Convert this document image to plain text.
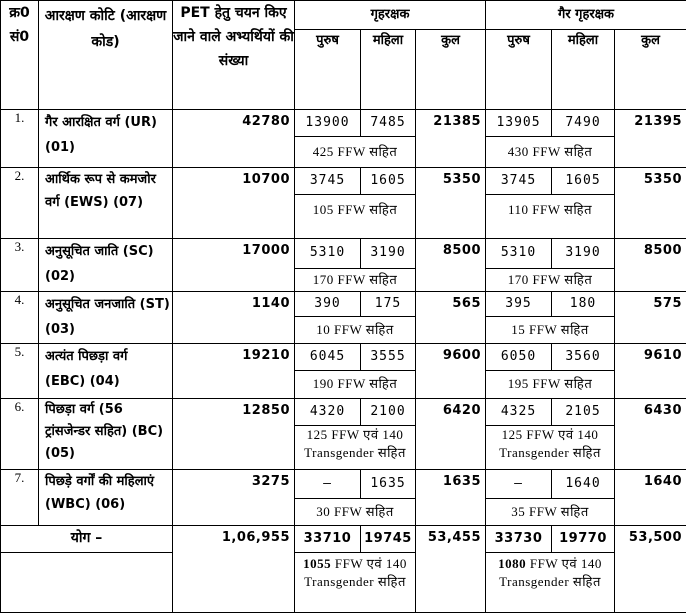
क्र0 सं0	आरक्षण कोटि (आरक्षण कोड)	PET हेतु चयन किए जाने वाले अभ्यर्थियों की संख्या	गृहरक्षक			गैर गृहरक्षक		
			पुरुष	महिला	कुल	पुरुष	महिला	कुल
1.	गैर आरक्षित वर्ग (UR) (01)	42780	13900	7485	21385	13905	7490	21395
			425 FFW सहित			430 FFW सहित		
2.	आर्थिक रूप से कमजोर वर्ग (EWS) (07)	10700	3745	1605	5350	3745	1605	5350
			105 FFW सहित			110 FFW सहित		
3.	अनुसूचित जाति (SC) (02)	17000	5310	3190	8500	5310	3190	8500
			170 FFW सहित			170 FFW सहित		
4.	अनुसूचित जनजाति (ST) (03)	1140	390	175	565	395	180	575
			10 FFW सहित			15 FFW सहित		
5.	अत्यंत पिछड़ा वर्ग (EBC) (04)	19210	6045	3555	9600	6050	3560	9610
			190 FFW सहित			195 FFW सहित		
6.	पिछड़ा वर्ग (56 ट्रांसजेन्डर सहित) (BC) (05)	12850	4320	2100	6420	4325	2105	6430
			125 FFW एवं 140 Transgender सहित			125 FFW एवं 140 Transgender सहित		
7.	पिछड़े वर्गों की महिलाएं (WBC) (06)	3275	–	1635	1635	–	1640	1640
			30 FFW सहित			35 FFW सहित		
योग –		1,06,955	33710	19745	53,455	33730	19770	53,500
			1055 FFW एवं 140 Transgender सहित			1080 FFW एवं 140 Transgender सहित		
